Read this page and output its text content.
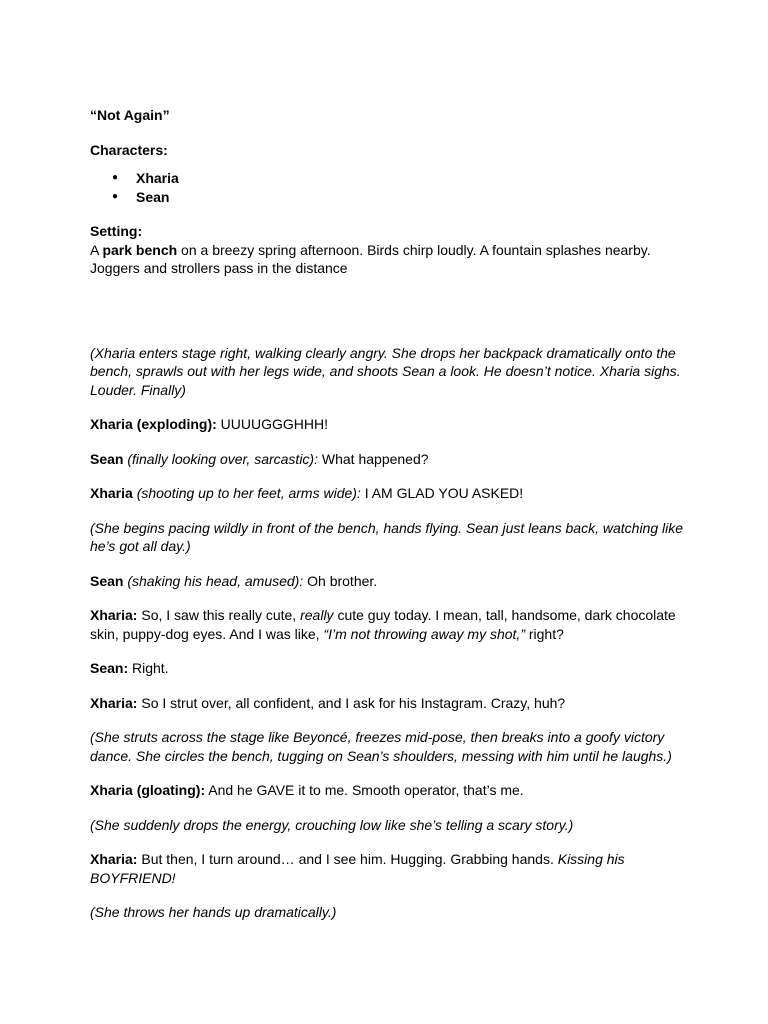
“Not Again”

Characters:

● Xharia
● Sean

Setting:

A park bench on a breezy spring afternoon. Birds chirp loudly. A fountain splashes nearby. Joggers and strollers pass in the distance

(Xharia enters stage right, walking clearly angry. She drops her backpack dramatically onto the bench, sprawls out with her legs wide, and shoots Sean a look. He doesn’t notice. Xharia sighs. Louder. Finally)

Xharia (exploding): UUUUGGGHHH!

Sean (finally looking over, sarcastic): What happened?

Xharia (shooting up to her feet, arms wide): I AM GLAD YOU ASKED!

(She begins pacing wildly in front of the bench, hands flying. Sean just leans back, watching like he’s got all day.)

Sean (shaking his head, amused): Oh brother.

Xharia: So, I saw this really cute, really cute guy today. I mean, tall, handsome, dark chocolate skin, puppy-dog eyes. And I was like, “I’m not throwing away my shot,” right?

Sean: Right.

Xharia: So I strut over, all confident, and I ask for his Instagram. Crazy, huh?

(She struts across the stage like Beyoncé, freezes mid-pose, then breaks into a goofy victory dance. She circles the bench, tugging on Sean’s shoulders, messing with him until he laughs.)

Xharia (gloating): And he GAVE it to me. Smooth operator, that’s me.

(She suddenly drops the energy, crouching low like she’s telling a scary story.)

Xharia: But then, I turn around… and I see him. Hugging. Grabbing hands. Kissing his BOYFRIEND!

(She throws her hands up dramatically.)
